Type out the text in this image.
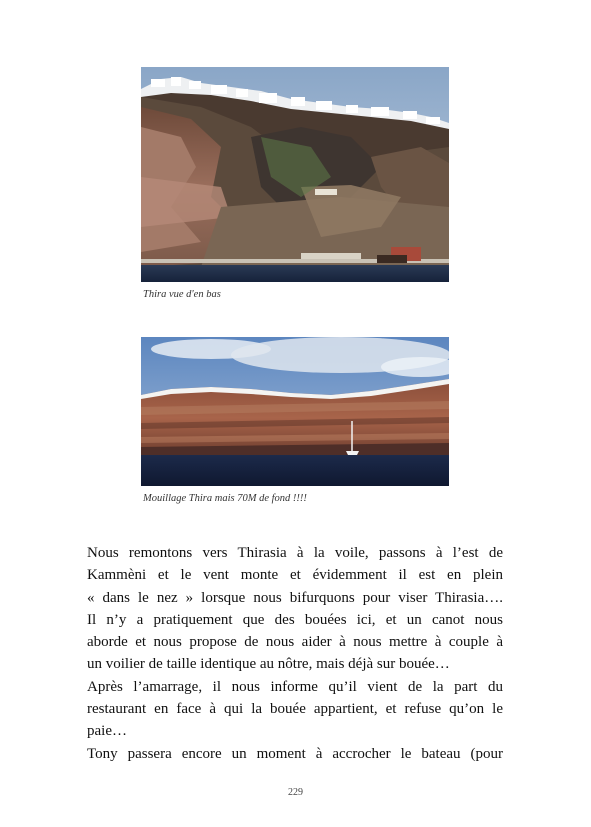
Thira vue d'en bas
Mouillage Thira mais 70M de fond !!!!
Nous remontons vers Thirasia à la voile, passons à l’est de
Kammèni et le vent monte et évidemment il est en plein
« dans le nez » lorsque nous bifurquons pour viser Thirasia….
Il n’y a pratiquement que des bouées ici, et un canot nous
aborde et nous propose de nous aider à nous mettre à couple à
un voilier de taille identique au nôtre, mais déjà sur bouée…
Après l’amarrage, il nous informe qu’il vient de la part du
restaurant en face à qui la bouée appartient, et refuse qu’on le
paie…
Tony passera encore un moment à accrocher le bateau (pour
229
